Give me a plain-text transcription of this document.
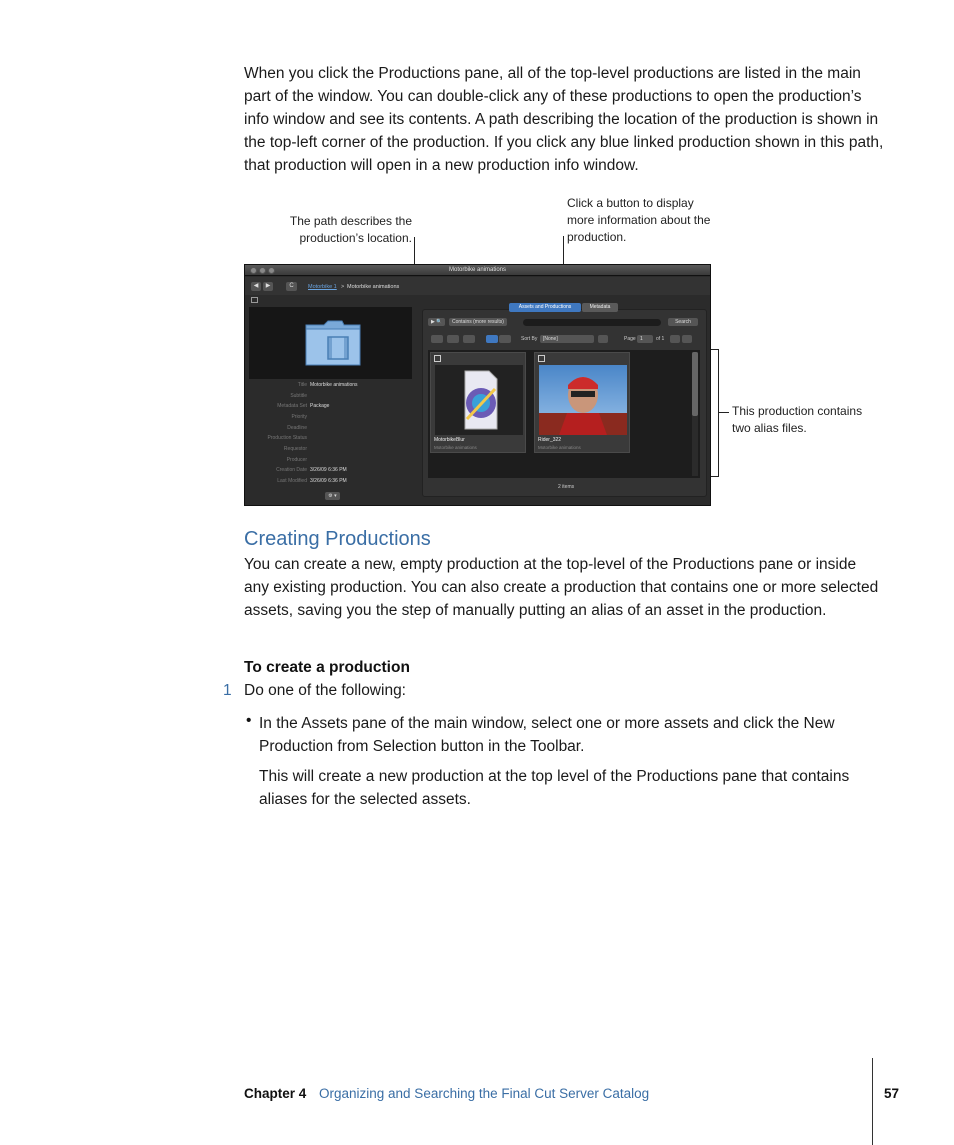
When you click the Productions pane, all of the top-level productions are listed in the main part of the window. You can double-click any of these productions to open the production’s info window and see its contents. A path describing the location of the production is shown in the top-left corner of the production. If you click any blue linked production shown in this path, that production will open in a new production info window.

The path describes the production’s location.
Click a button to display more information about the production.
This production contains two alias files.
Motorbike animations
◀	▶	C	Motorbike 1 > Motorbike animations
Title Motorbike animations
Subtitle
Metadata Set Package
Priority
Deadline
Production Status
Requestor
Producer
Creation Date 3/26/09 6:36 PM
Last Modified 3/26/09 6:36 PM
⚙ ▾
Assets and Productions	Metadata
▶ 🔍	Contains (more results)	Search
Sort By	[None]	Page 1	of 1
MotorbikeBlur
Motorbike animations
Rider_322
Motorbike animations
2 items
Creating Productions

You can create a new, empty production at the top-level of the Productions pane or inside any existing production. You can also create a production that contains one or more selected assets, saving you the step of manually putting an alias of an asset in the production.

To create a production
1 Do one of the following:
• In the Assets pane of the main window, select one or more assets and click the New Production from Selection button in the Toolbar.

This will create a new production at the top level of the Productions pane that contains aliases for the selected assets.

Chapter 4 Organizing and Searching the Final Cut Server Catalog	57
